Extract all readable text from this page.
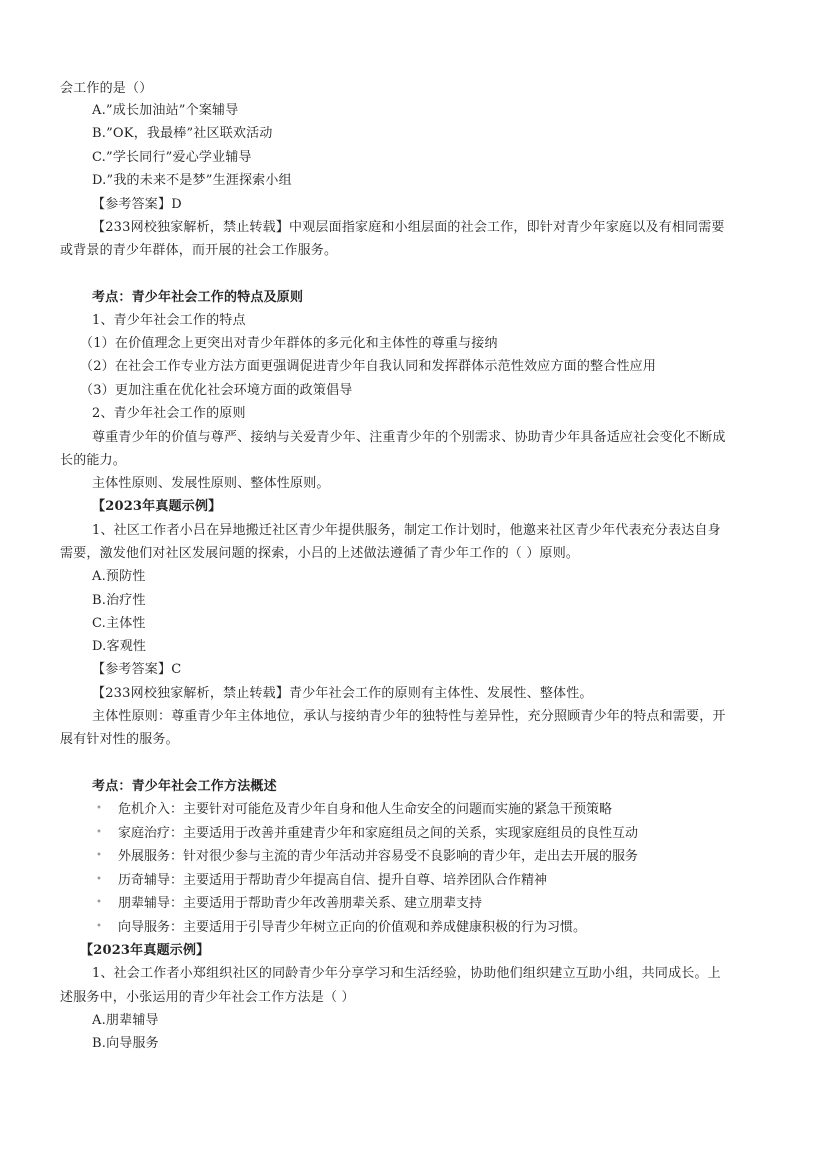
会工作的是（）
A.”成长加油站”个案辅导
B.”OK，我最棒”社区联欢活动
C.”学长同行”爱心学业辅导
D.”我的未来不是梦”生涯探索小组
【参考答案】D
【233网校独家解析，禁止转载】中观层面指家庭和小组层面的社会工作，即针对青少年家庭以及有相同需要
或背景的青少年群体，而开展的社会工作服务。
考点：青少年社会工作的特点及原则
1、青少年社会工作的特点
（1）在价值理念上更突出对青少年群体的多元化和主体性的尊重与接纳
（2）在社会工作专业方法方面更强调促进青少年自我认同和发挥群体示范性效应方面的整合性应用
（3）更加注重在优化社会环境方面的政策倡导
2、青少年社会工作的原则
尊重青少年的价值与尊严、接纳与关爱青少年、注重青少年的个别需求、协助青少年具备适应社会变化不断成
长的能力。
主体性原则、发展性原则、整体性原则。
【2023年真题示例】
1、社区工作者小吕在异地搬迁社区青少年提供服务，制定工作计划时，他邀来社区青少年代表充分表达自身
需要，激发他们对社区发展问题的探索，小吕的上述做法遵循了青少年工作的（ ）原则。
A.预防性
B.治疗性
C.主体性
D.客观性
【参考答案】C
【233网校独家解析，禁止转载】青少年社会工作的原则有主体性、发展性、整体性。
主体性原则：尊重青少年主体地位，承认与接纳青少年的独特性与差异性，充分照顾青少年的特点和需要，开
展有针对性的服务。
考点：青少年社会工作方法概述
• 危机介入：主要针对可能危及青少年自身和他人生命安全的问题而实施的紧急干预策略
• 家庭治疗：主要适用于改善并重建青少年和家庭组员之间的关系，实现家庭组员的良性互动
• 外展服务：针对很少参与主流的青少年活动并容易受不良影响的青少年，走出去开展的服务
• 历奇辅导：主要适用于帮助青少年提高自信、提升自尊、培养团队合作精神
• 朋辈辅导：主要适用于帮助青少年改善朋辈关系、建立朋辈支持
• 向导服务：主要适用于引导青少年树立正向的价值观和养成健康积极的行为习惯。
【2023年真题示例】
1、社会工作者小郑组织社区的同龄青少年分享学习和生活经验，协助他们组织建立互助小组，共同成长。上
述服务中，小张运用的青少年社会工作方法是（ ）
A.朋辈辅导
B.向导服务
